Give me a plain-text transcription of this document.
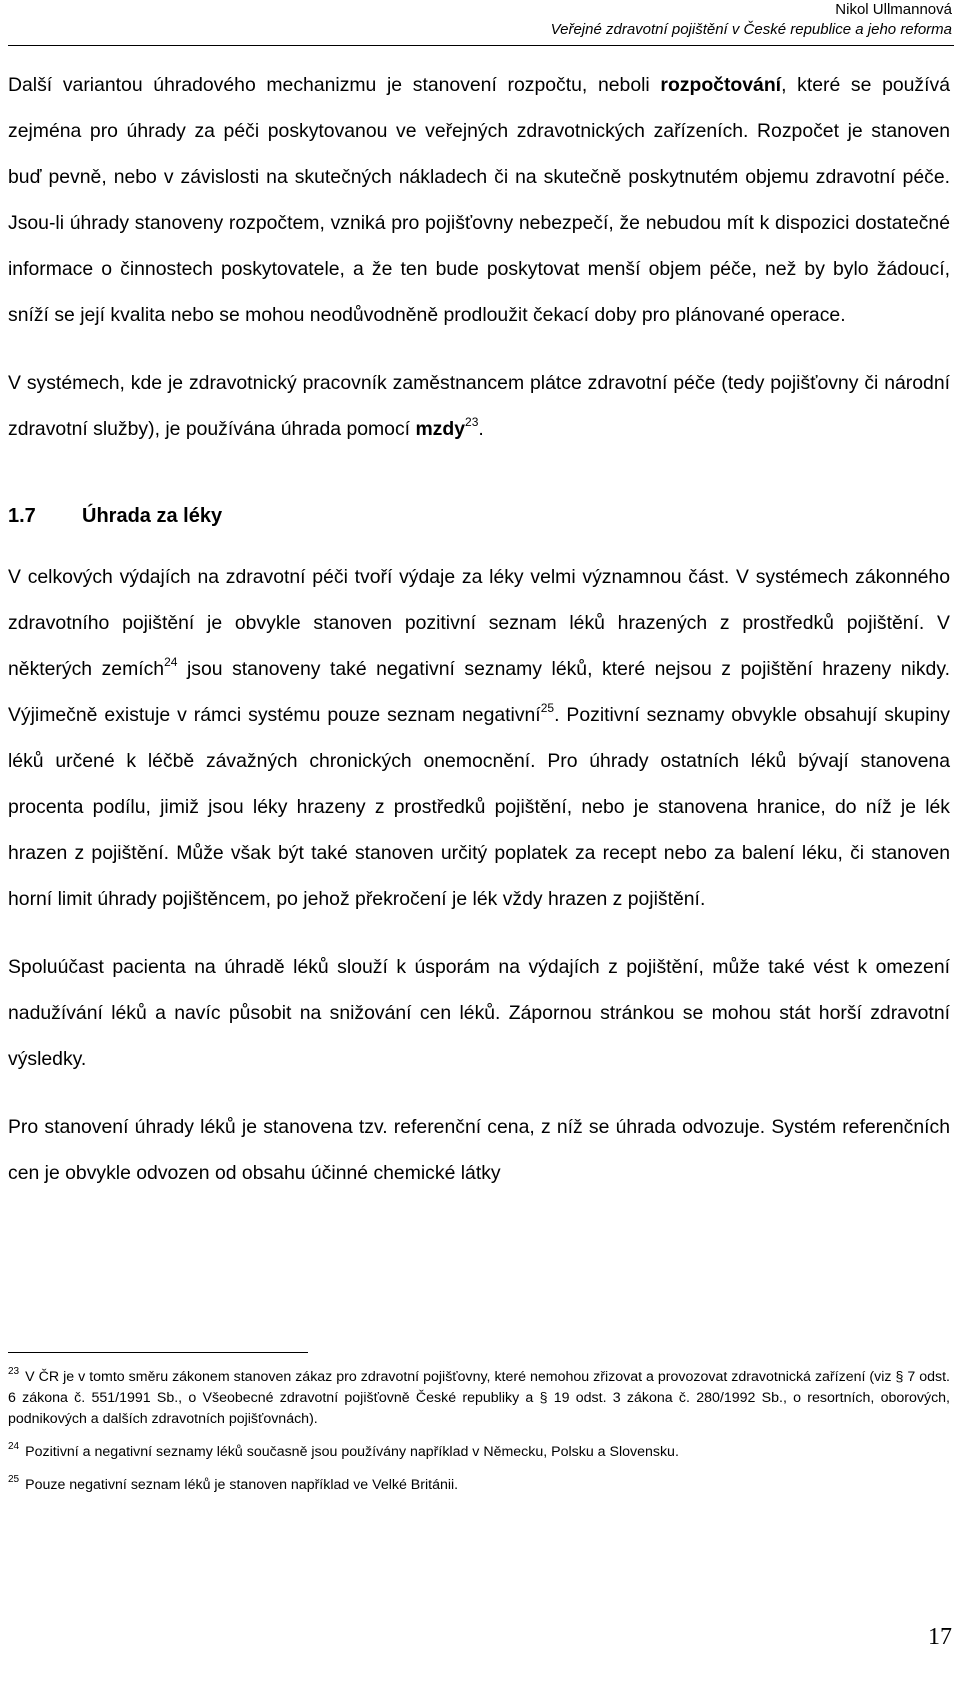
Nikol Ullmannová
Veřejné zdravotní pojištění v České republice a jeho reforma

Další variantou úhradového mechanizmu je stanovení rozpočtu, neboli rozpočtování, které se používá zejména pro úhrady za péči poskytovanou ve veřejných zdravotnických zařízeních. Rozpočet je stanoven buď pevně, nebo v závislosti na skutečných nákladech či na skutečně poskytnutém objemu zdravotní péče. Jsou-li úhrady stanoveny rozpočtem, vzniká pro pojišťovny nebezpečí, že nebudou mít k dispozici dostatečné informace o činnostech poskytovatele, a že ten bude poskytovat menší objem péče, než by bylo žádoucí, sníží se její kvalita nebo se mohou neodůvodněně prodloužit čekací doby pro plánované operace.

V systémech, kde je zdravotnický pracovník zaměstnancem plátce zdravotní péče (tedy pojišťovny či národní zdravotní služby), je používána úhrada pomocí mzdy$^{23}$.

1.7 Úhrada za léky

V celkových výdajích na zdravotní péči tvoří výdaje za léky velmi významnou část. V systémech zákonného zdravotního pojištění je obvykle stanoven pozitivní seznam léků hrazených z prostředků pojištění. V některých zemích$^{24}$ jsou stanoveny také negativní seznamy léků, které nejsou z pojištění hrazeny nikdy. Výjimečně existuje v rámci systému pouze seznam negativní$^{25}$. Pozitivní seznamy obvykle obsahují skupiny léků určené k léčbě závažných chronických onemocnění. Pro úhrady ostatních léků bývají stanovena procenta podílu, jimiž jsou léky hrazeny z prostředků pojištění, nebo je stanovena hranice, do níž je lék hrazen z pojištění. Může však být také stanoven určitý poplatek za recept nebo za balení léku, či stanoven horní limit úhrady pojištěncem, po jehož překročení je lék vždy hrazen z pojištění.

Spoluúčast pacienta na úhradě léků slouží k úsporám na výdajích z pojištění, může také vést k omezení nadužívání léků a navíc působit na snižování cen léků. Zápornou stránkou se mohou stát horší zdravotní výsledky.

Pro stanovení úhrady léků je stanovena tzv. referenční cena, z níž se úhrada odvozuje. Systém referenčních cen je obvykle odvozen od obsahu účinné chemické látky

$^{23}$ V ČR je v tomto směru zákonem stanoven zákaz pro zdravotní pojišťovny, které nemohou zřizovat a provozovat zdravotnická zařízení (viz § 7 odst. 6 zákona č. 551/1991 Sb., o Všeobecné zdravotní pojišťovně České republiky a § 19 odst. 3 zákona č. 280/1992 Sb., o resortních, oborových, podnikových a dalších zdravotních pojišťovnách).

$^{24}$ Pozitivní a negativní seznamy léků současně jsou používány například v Německu, Polsku a Slovensku.

$^{25}$ Pouze negativní seznam léků je stanoven například ve Velké Británii.

17
